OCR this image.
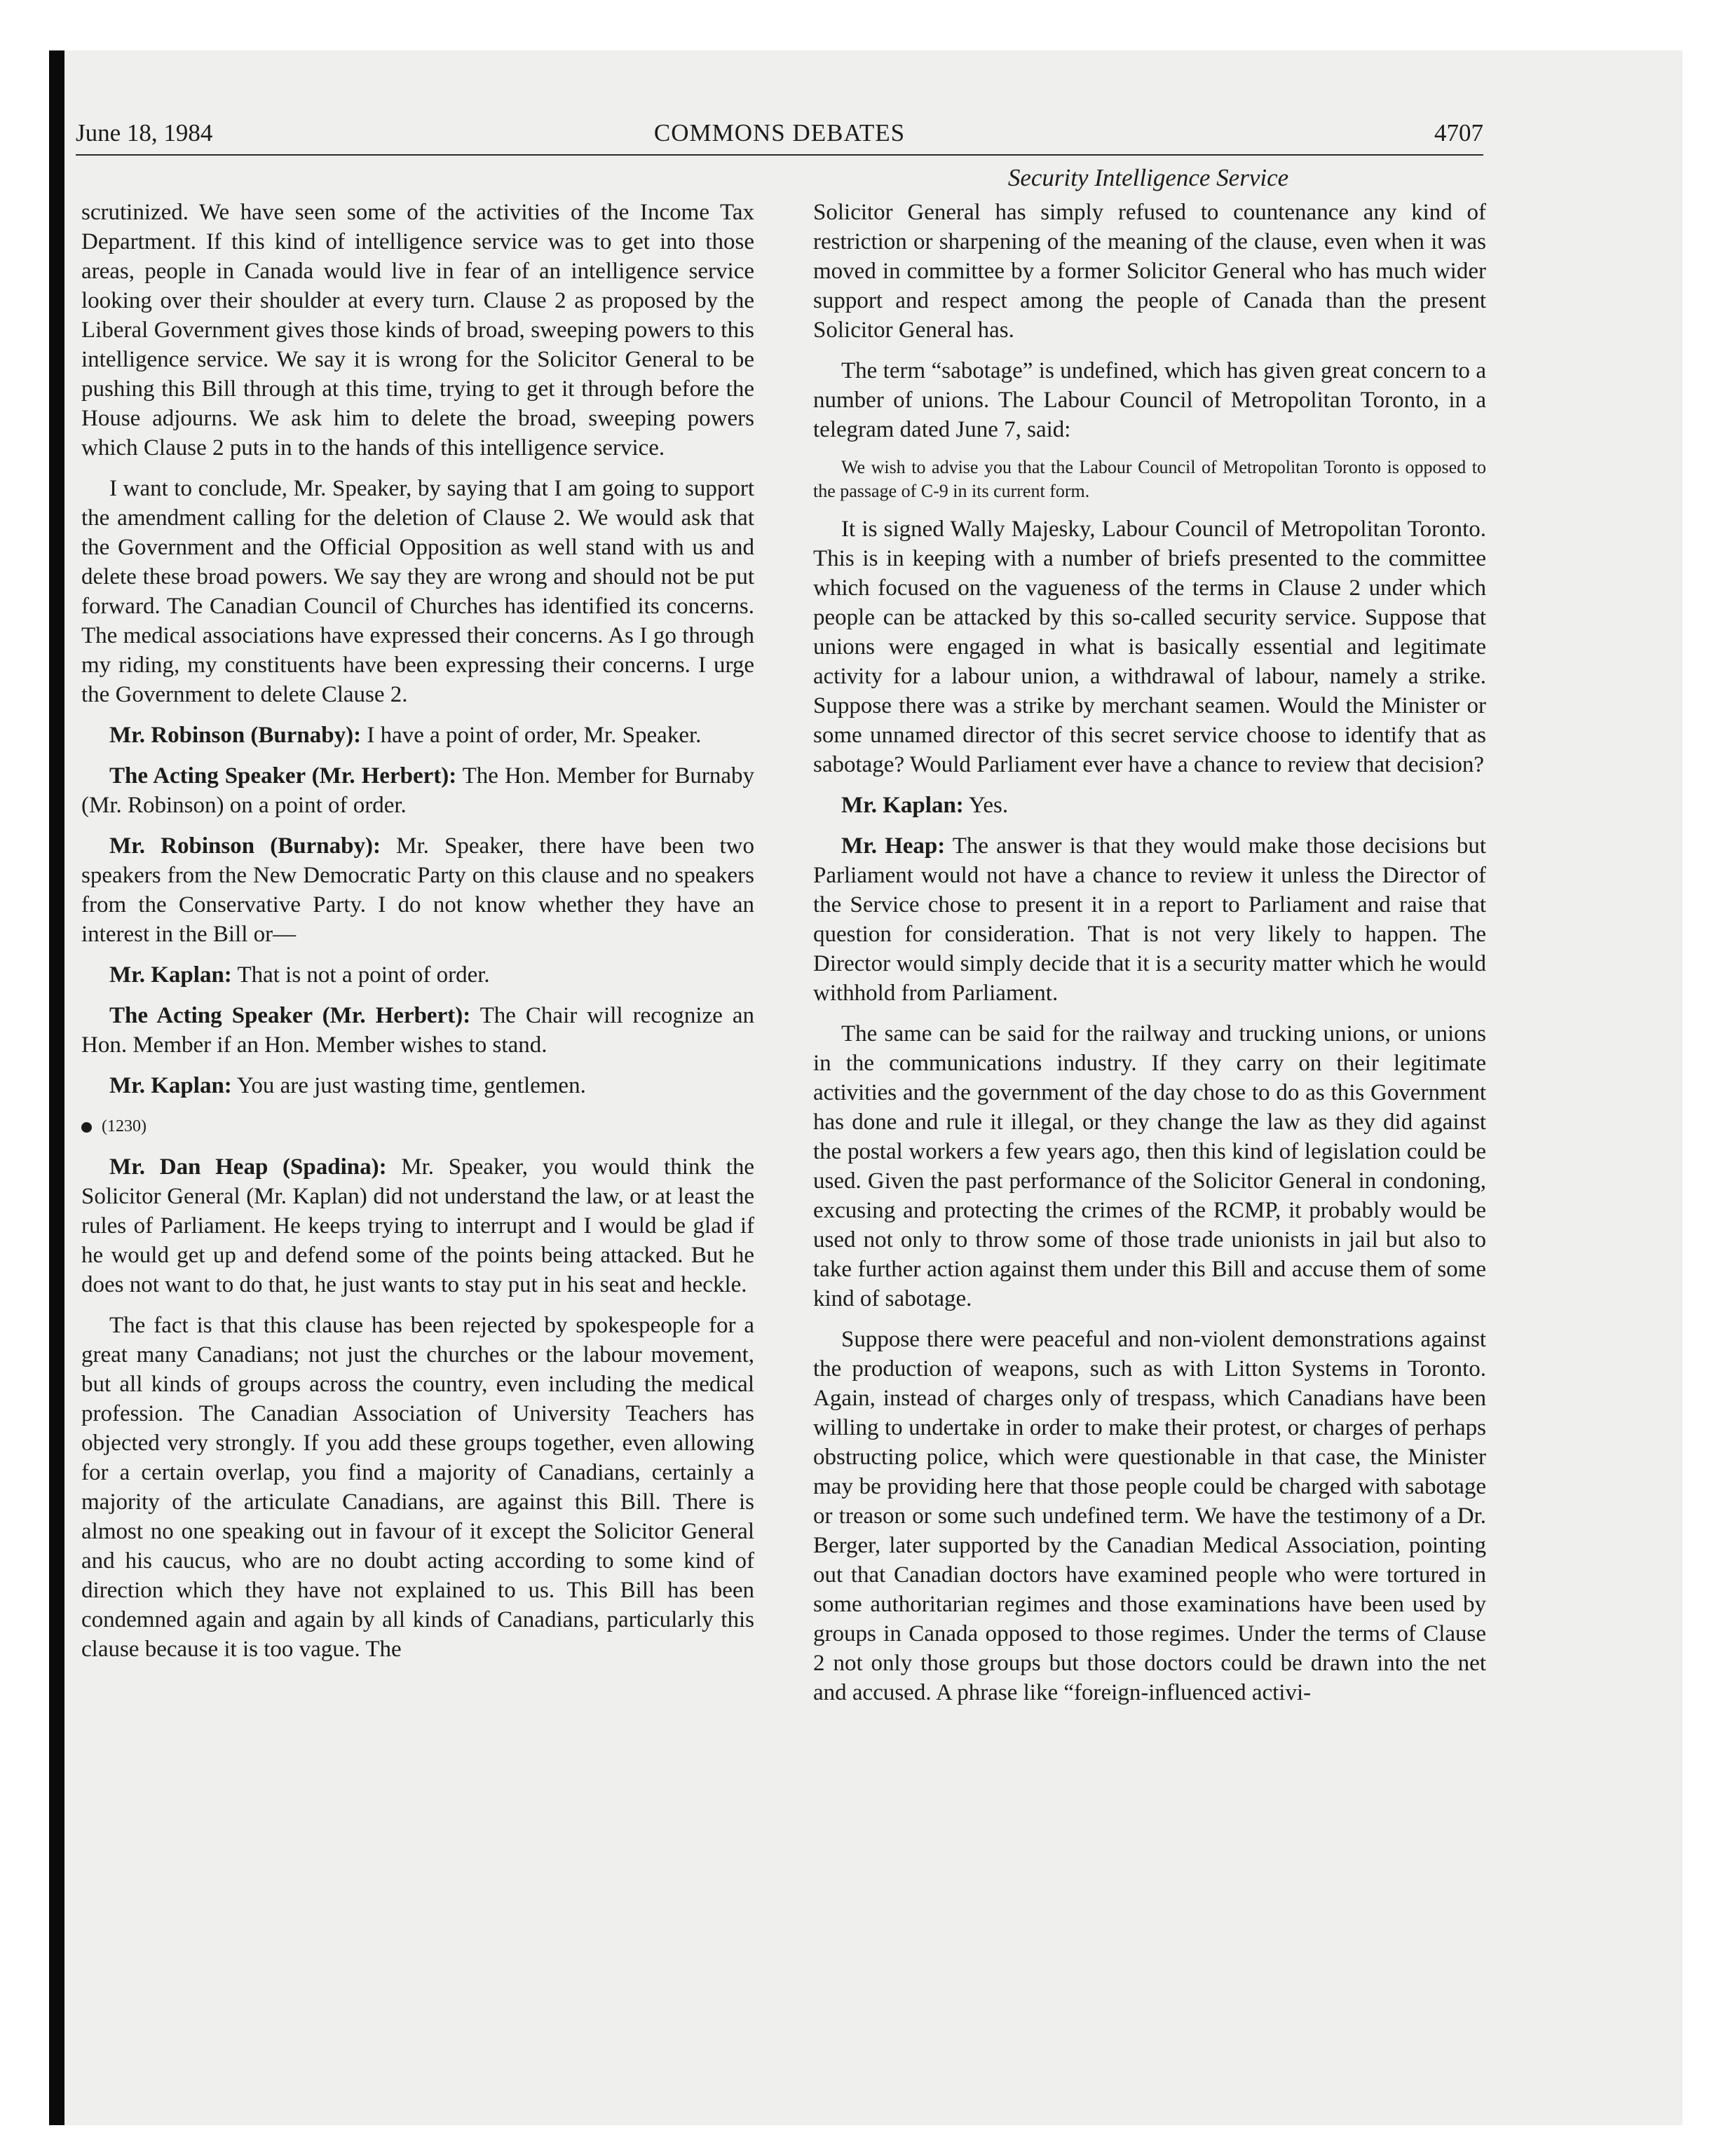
June 18, 1984	COMMONS DEBATES	4707
Security Intelligence Service

scrutinized. We have seen some of the activities of the Income Tax Department. If this kind of intelligence service was to get into those areas, people in Canada would live in fear of an intelligence service looking over their shoulder at every turn. Clause 2 as proposed by the Liberal Government gives those kinds of broad, sweeping powers to this intelligence service. We say it is wrong for the Solicitor General to be pushing this Bill through at this time, trying to get it through before the House adjourns. We ask him to delete the broad, sweeping powers which Clause 2 puts in to the hands of this intelligence service.

I want to conclude, Mr. Speaker, by saying that I am going to support the amendment calling for the deletion of Clause 2. We would ask that the Government and the Official Opposition as well stand with us and delete these broad powers. We say they are wrong and should not be put forward. The Canadian Council of Churches has identified its concerns. The medical associations have expressed their concerns. As I go through my riding, my constituents have been expressing their concerns. I urge the Government to delete Clause 2.

Mr. Robinson (Burnaby): I have a point of order, Mr. Speaker.

The Acting Speaker (Mr. Herbert): The Hon. Member for Burnaby (Mr. Robinson) on a point of order.

Mr. Robinson (Burnaby): Mr. Speaker, there have been two speakers from the New Democratic Party on this clause and no speakers from the Conservative Party. I do not know whether they have an interest in the Bill or—

Mr. Kaplan: That is not a point of order.

The Acting Speaker (Mr. Herbert): The Chair will recognize an Hon. Member if an Hon. Member wishes to stand.

Mr. Kaplan: You are just wasting time, gentlemen.

(1230)

Mr. Dan Heap (Spadina): Mr. Speaker, you would think the Solicitor General (Mr. Kaplan) did not understand the law, or at least the rules of Parliament. He keeps trying to interrupt and I would be glad if he would get up and defend some of the points being attacked. But he does not want to do that, he just wants to stay put in his seat and heckle.

The fact is that this clause has been rejected by spokespeople for a great many Canadians; not just the churches or the labour movement, but all kinds of groups across the country, even including the medical profession. The Canadian Association of University Teachers has objected very strongly. If you add these groups together, even allowing for a certain overlap, you find a majority of Canadians, certainly a majority of the articulate Canadians, are against this Bill. There is almost no one speaking out in favour of it except the Solicitor General and his caucus, who are no doubt acting according to some kind of direction which they have not explained to us. This Bill has been condemned again and again by all kinds of Canadians, particularly this clause because it is too vague. The

Solicitor General has simply refused to countenance any kind of restriction or sharpening of the meaning of the clause, even when it was moved in committee by a former Solicitor General who has much wider support and respect among the people of Canada than the present Solicitor General has.

The term “sabotage” is undefined, which has given great concern to a number of unions. The Labour Council of Metropolitan Toronto, in a telegram dated June 7, said:

We wish to advise you that the Labour Council of Metropolitan Toronto is opposed to the passage of C-9 in its current form.

It is signed Wally Majesky, Labour Council of Metropolitan Toronto. This is in keeping with a number of briefs presented to the committee which focused on the vagueness of the terms in Clause 2 under which people can be attacked by this so-called security service. Suppose that unions were engaged in what is basically essential and legitimate activity for a labour union, a withdrawal of labour, namely a strike. Suppose there was a strike by merchant seamen. Would the Minister or some unnamed director of this secret service choose to identify that as sabotage? Would Parliament ever have a chance to review that decision?

Mr. Kaplan: Yes.

Mr. Heap: The answer is that they would make those decisions but Parliament would not have a chance to review it unless the Director of the Service chose to present it in a report to Parliament and raise that question for consideration. That is not very likely to happen. The Director would simply decide that it is a security matter which he would withhold from Parliament.

The same can be said for the railway and trucking unions, or unions in the communications industry. If they carry on their legitimate activities and the government of the day chose to do as this Government has done and rule it illegal, or they change the law as they did against the postal workers a few years ago, then this kind of legislation could be used. Given the past performance of the Solicitor General in condoning, excusing and protecting the crimes of the RCMP, it probably would be used not only to throw some of those trade unionists in jail but also to take further action against them under this Bill and accuse them of some kind of sabotage.

Suppose there were peaceful and non-violent demonstrations against the production of weapons, such as with Litton Systems in Toronto. Again, instead of charges only of trespass, which Canadians have been willing to undertake in order to make their protest, or charges of perhaps obstructing police, which were questionable in that case, the Minister may be providing here that those people could be charged with sabotage or treason or some such undefined term. We have the testimony of a Dr. Berger, later supported by the Canadian Medical Association, pointing out that Canadian doctors have examined people who were tortured in some authoritarian regimes and those examinations have been used by groups in Canada opposed to those regimes. Under the terms of Clause 2 not only those groups but those doctors could be drawn into the net and accused. A phrase like “foreign-influenced activi-
